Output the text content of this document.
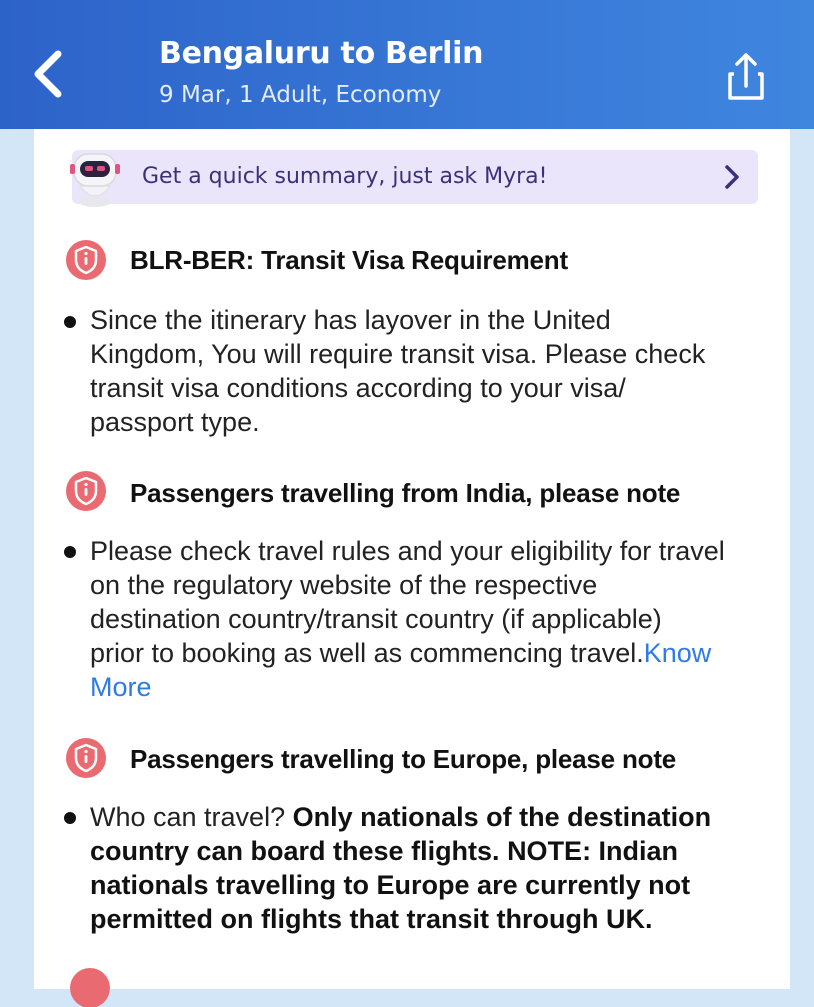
Bengaluru to Berlin
9 Mar, 1 Adult, Economy
Get a quick summary, just ask Myra!
BLR-BER: Transit Visa Requirement
Since the itinerary has layover in the United
Kingdom, You will require transit visa. Please check
transit visa conditions according to your visa/
passport type.
Passengers travelling from India, please note
Please check travel rules and your eligibility for travel
on the regulatory website of the respective
destination country/transit country (if applicable)
prior to booking as well as commencing travel.Know
More
Passengers travelling to Europe, please note
Who can travel? Only nationals of the destination
country can board these flights. NOTE: Indian
nationals travelling to Europe are currently not
permitted on flights that transit through UK.
